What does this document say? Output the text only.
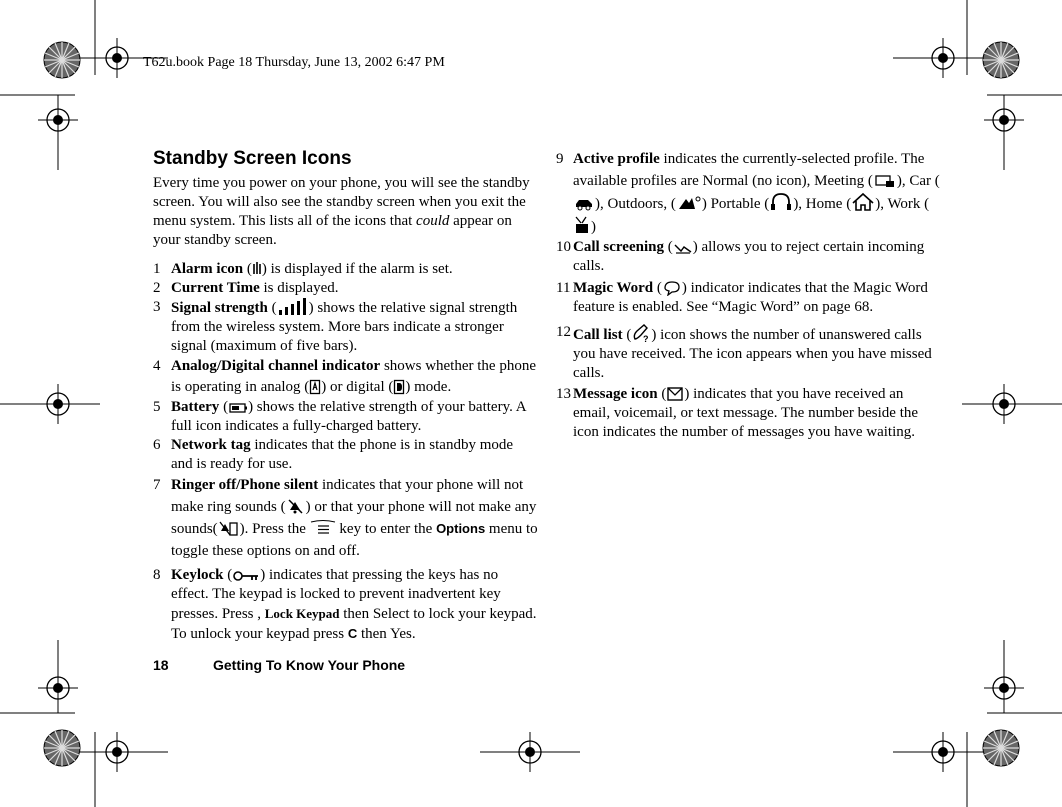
T62u.book Page 18 Thursday, June 13, 2002 6:47 PM
Standby Screen Icons

Every time you power on your phone, you will see the standby screen. You will also see the standby screen when you exit the menu system. This lists all of the icons that could appear on your standby screen.

1 Alarm icon ( ) is displayed if the alarm is set.
2 Current Time is displayed.
3 Signal strength ( ) shows the relative signal strength from the wireless system. More bars indicate a stronger signal (maximum of five bars).
4 Analog/Digital channel indicator shows whether the phone is operating in analog ( ) or digital ( ) mode.
5 Battery ( ) shows the relative strength of your battery. A full icon indicates a fully-charged battery.
6 Network tag indicates that the phone is in standby mode and is ready for use.
7 Ringer off/Phone silent indicates that your phone will not make ring sounds ( ) or that your phone will not make any sounds( ). Press the  key to enter the Options menu to toggle these options on and off.
8 Keylock ( ) indicates that pressing the keys has no effect. The keypad is locked to prevent inadvertent key presses. Press , Lock Keypad then Select to lock your keypad. To unlock your keypad press C then Yes.
9 Active profile indicates the currently-selected profile. The available profiles are Normal (no icon), Meeting ( ), Car (), Outdoors, ( ) Portable ( ), Home ( ), Work ()
10 Call screening ( ) allows you to reject certain incoming calls.
11 Magic Word ( ) indicator indicates that the Magic Word feature is enabled. See “Magic Word” on page 68.
12 Call list ( ? ) icon shows the number of unanswered calls you have received. The icon appears when you have missed calls.
13 Message icon ( ) indicates that you have received an email, voicemail, or text message. The number beside the icon indicates the number of messages you have waiting.
18	Getting To Know Your Phone
